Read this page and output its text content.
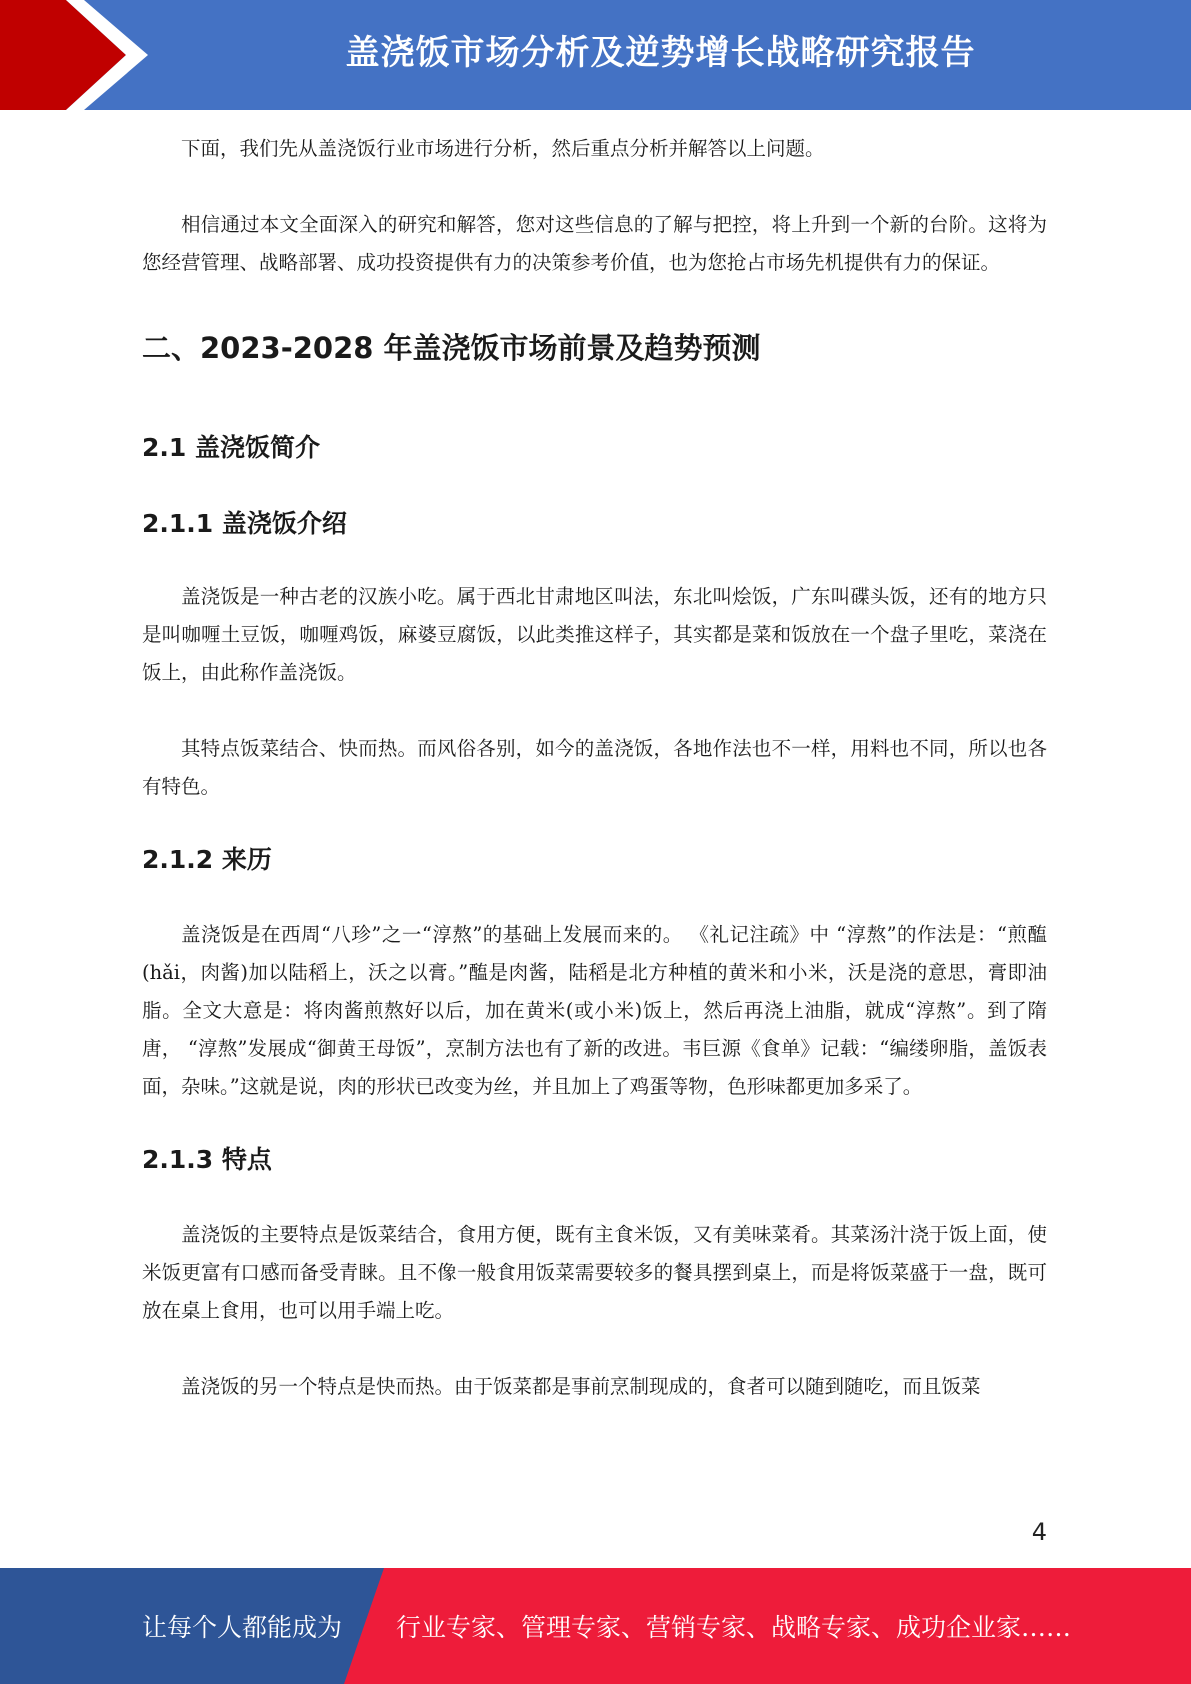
盖浇饭市场分析及逆势增长战略研究报告

下面，我们先从盖浇饭行业市场进行分析，然后重点分析并解答以上问题。

相信通过本文全面深入的研究和解答，您对这些信息的了解与把控，将上升到一个新的台阶。这将为您经营管理、战略部署、成功投资提供有力的决策参考价值，也为您抢占市场先机提供有力的保证。

二、2023-2028 年盖浇饭市场前景及趋势预测
2.1 盖浇饭简介
2.1.1 盖浇饭介绍

盖浇饭是一种古老的汉族小吃。属于西北甘肃地区叫法，东北叫烩饭，广东叫碟头饭，还有的地方只是叫咖喱土豆饭，咖喱鸡饭，麻婆豆腐饭，以此类推这样子，其实都是菜和饭放在一个盘子里吃，菜浇在饭上，由此称作盖浇饭。

其特点饭菜结合、快而热。而风俗各别，如今的盖浇饭，各地作法也不一样，用料也不同，所以也各有特色。

2.1.2 来历

盖浇饭是在西周“八珍”之一“淳熬”的基础上发展而来的。 《礼记注疏》中 “淳熬”的作法是：“煎醢(hǎi，肉酱)加以陆稻上，沃之以膏。”醢是肉酱，陆稻是北方种植的黄米和小米，沃是浇的意思，膏即油脂。全文大意是：将肉酱煎熬好以后，加在黄米(或小米)饭上，然后再浇上油脂，就成“淳熬”。到了隋唐， “淳熬”发展成“御黄王母饭”，烹制方法也有了新的改进。韦巨源《食单》记载：“编缕卵脂，盖饭表面，杂味。”这就是说，肉的形状已改变为丝，并且加上了鸡蛋等物，色形味都更加多采了。

2.1.3 特点

盖浇饭的主要特点是饭菜结合，食用方便，既有主食米饭，又有美味菜肴。其菜汤汁浇于饭上面，使米饭更富有口感而备受青睐。且不像一般食用饭菜需要较多的餐具摆到桌上，而是将饭菜盛于一盘，既可放在桌上食用，也可以用手端上吃。

盖浇饭的另一个特点是快而热。由于饭菜都是事前烹制现成的，食者可以随到随吃，而且饭菜

4
让每个人都能成为 行业专家、管理专家、营销专家、战略专家、成功企业家……
